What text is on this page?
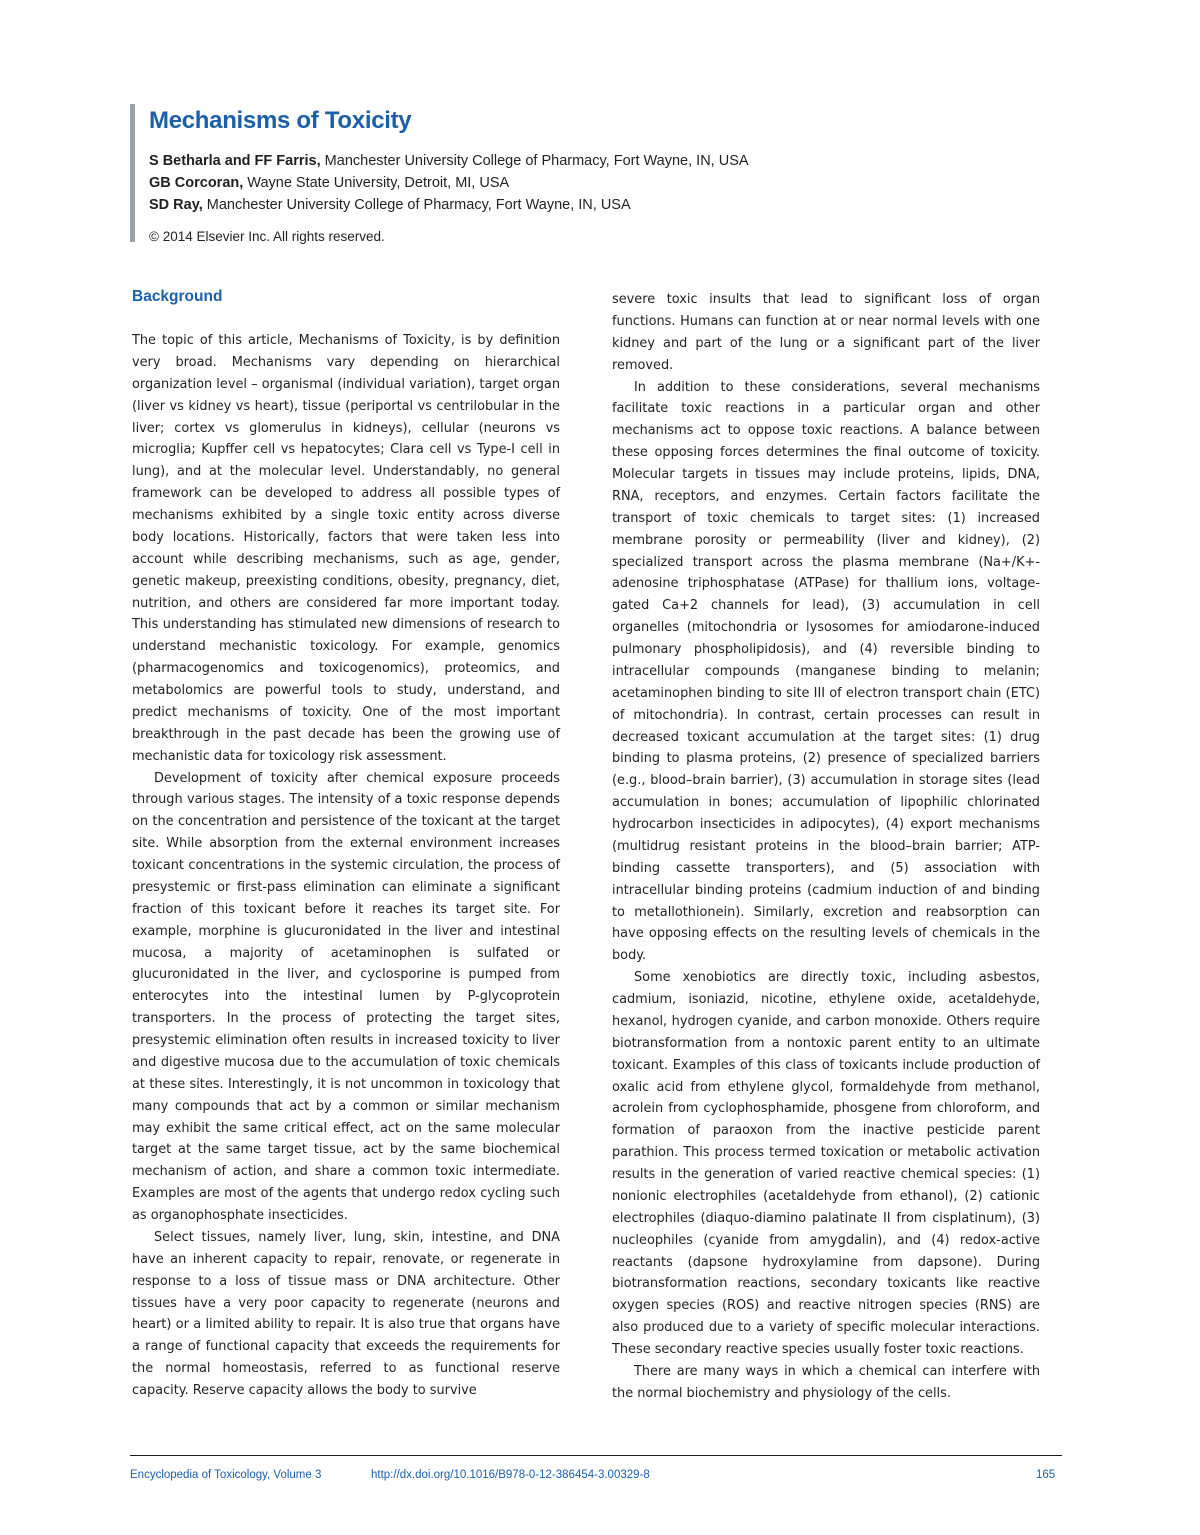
Mechanisms of Toxicity
S Betharla and FF Farris, Manchester University College of Pharmacy, Fort Wayne, IN, USA
GB Corcoran, Wayne State University, Detroit, MI, USA
SD Ray, Manchester University College of Pharmacy, Fort Wayne, IN, USA
© 2014 Elsevier Inc. All rights reserved.
Background

The topic of this article, Mechanisms of Toxicity, is by definition very broad. Mechanisms vary depending on hierarchical organization level – organismal (individual variation), target organ (liver vs kidney vs heart), tissue (periportal vs centrilobular in the liver; cortex vs glomerulus in kidneys), cellular (neurons vs microglia; Kupffer cell vs hepatocytes; Clara cell vs Type-I cell in lung), and at the molecular level. Understandably, no general framework can be developed to address all possible types of mechanisms exhibited by a single toxic entity across diverse body locations. Historically, factors that were taken less into account while describing mechanisms, such as age, gender, genetic makeup, preexisting conditions, obesity, pregnancy, diet, nutrition, and others are considered far more important today. This understanding has stimulated new dimensions of research to understand mechanistic toxicology. For example, genomics (pharmacogenomics and toxicogenomics), proteomics, and metabolomics are powerful tools to study, understand, and predict mechanisms of toxicity. One of the most important breakthrough in the past decade has been the growing use of mechanistic data for toxicology risk assessment.

Development of toxicity after chemical exposure proceeds through various stages. The intensity of a toxic response depends on the concentration and persistence of the toxicant at the target site. While absorption from the external environment increases toxicant concentrations in the systemic circulation, the process of presystemic or first-pass elimination can eliminate a significant fraction of this toxicant before it reaches its target site. For example, morphine is glucuronidated in the liver and intestinal mucosa, a majority of acetaminophen is sulfated or glucuronidated in the liver, and cyclosporine is pumped from enterocytes into the intestinal lumen by P-glycoprotein transporters. In the process of protecting the target sites, presystemic elimination often results in increased toxicity to liver and digestive mucosa due to the accumulation of toxic chemicals at these sites. Interestingly, it is not uncommon in toxicology that many compounds that act by a common or similar mechanism may exhibit the same critical effect, act on the same molecular target at the same target tissue, act by the same biochemical mechanism of action, and share a common toxic intermediate. Examples are most of the agents that undergo redox cycling such as organophosphate insecticides.

Select tissues, namely liver, lung, skin, intestine, and DNA have an inherent capacity to repair, renovate, or regenerate in response to a loss of tissue mass or DNA architecture. Other tissues have a very poor capacity to regenerate (neurons and heart) or a limited ability to repair. It is also true that organs have a range of functional capacity that exceeds the requirements for the normal homeostasis, referred to as functional reserve capacity. Reserve capacity allows the body to survive

severe toxic insults that lead to significant loss of organ functions. Humans can function at or near normal levels with one kidney and part of the lung or a significant part of the liver removed.

In addition to these considerations, several mechanisms facilitate toxic reactions in a particular organ and other mechanisms act to oppose toxic reactions. A balance between these opposing forces determines the final outcome of toxicity. Molecular targets in tissues may include proteins, lipids, DNA, RNA, receptors, and enzymes. Certain factors facilitate the transport of toxic chemicals to target sites: (1) increased membrane porosity or permeability (liver and kidney), (2) specialized transport across the plasma membrane (Na+/K+-adenosine triphosphatase (ATPase) for thallium ions, voltage-gated Ca+2 channels for lead), (3) accumulation in cell organelles (mitochondria or lysosomes for amiodarone-induced pulmonary phospholipidosis), and (4) reversible binding to intracellular compounds (manganese binding to melanin; acetaminophen binding to site III of electron transport chain (ETC) of mitochondria). In contrast, certain processes can result in decreased toxicant accumulation at the target sites: (1) drug binding to plasma proteins, (2) presence of specialized barriers (e.g., blood–brain barrier), (3) accumulation in storage sites (lead accumulation in bones; accumulation of lipophilic chlorinated hydrocarbon insecticides in adipocytes), (4) export mechanisms (multidrug resistant proteins in the blood–brain barrier; ATP-binding cassette transporters), and (5) association with intracellular binding proteins (cadmium induction of and binding to metallothionein). Similarly, excretion and reabsorption can have opposing effects on the resulting levels of chemicals in the body.

Some xenobiotics are directly toxic, including asbestos, cadmium, isoniazid, nicotine, ethylene oxide, acetaldehyde, hexanol, hydrogen cyanide, and carbon monoxide. Others require biotransformation from a nontoxic parent entity to an ultimate toxicant. Examples of this class of toxicants include production of oxalic acid from ethylene glycol, formaldehyde from methanol, acrolein from cyclophosphamide, phosgene from chloroform, and formation of paraoxon from the inactive pesticide parent parathion. This process termed toxication or metabolic activation results in the generation of varied reactive chemical species: (1) nonionic electrophiles (acetaldehyde from ethanol), (2) cationic electrophiles (diaquo-diamino palatinate II from cisplatinum), (3) nucleophiles (cyanide from amygdalin), and (4) redox-active reactants (dapsone hydroxylamine from dapsone). During biotransformation reactions, secondary toxicants like reactive oxygen species (ROS) and reactive nitrogen species (RNS) are also produced due to a variety of specific molecular interactions. These secondary reactive species usually foster toxic reactions.

There are many ways in which a chemical can interfere with the normal biochemistry and physiology of the cells.

Encyclopedia of Toxicology, Volume 3	http://dx.doi.org/10.1016/B978-0-12-386454-3.00329-8	165
